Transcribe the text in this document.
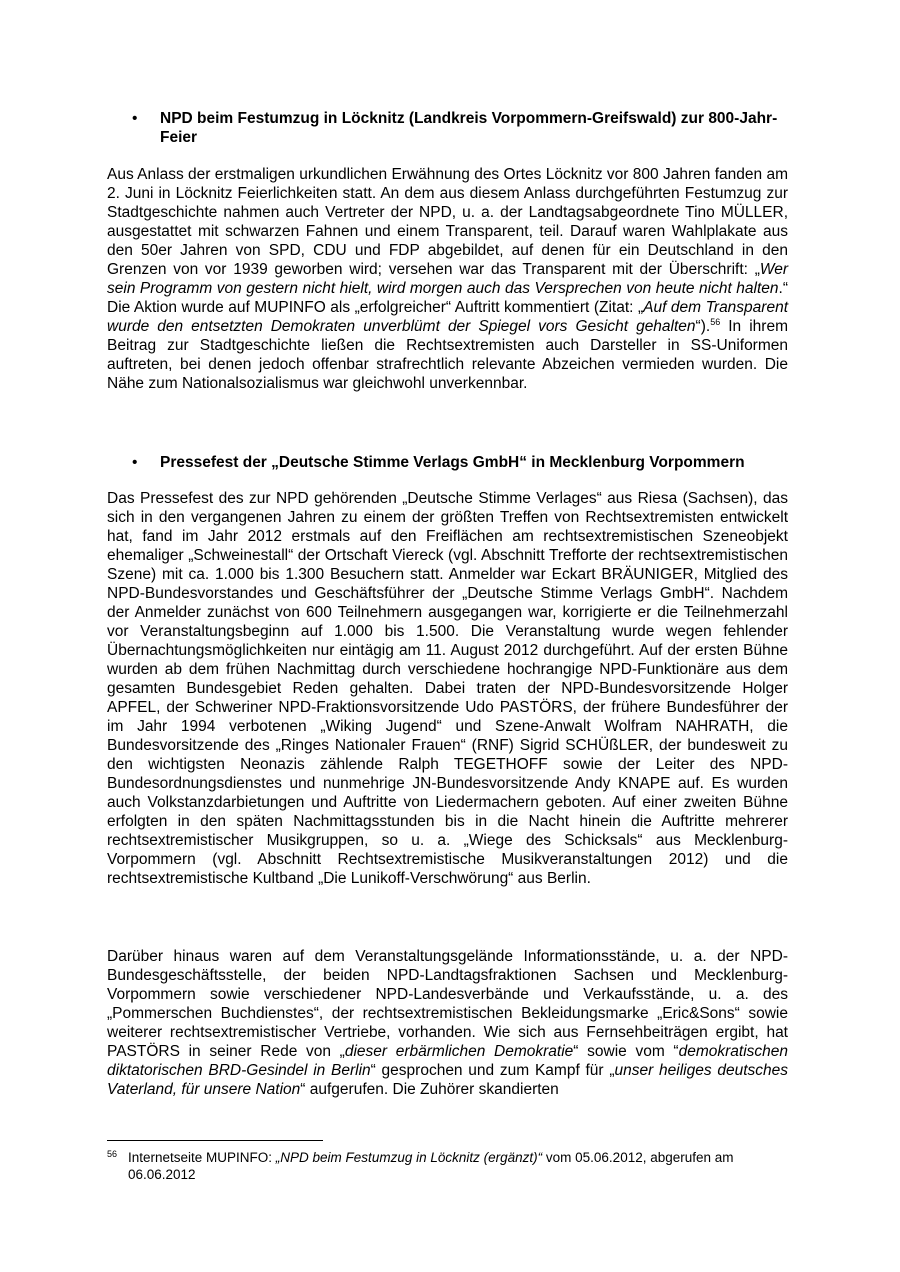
• NPD beim Festumzug in Löcknitz (Landkreis Vorpommern-Greifswald) zur 800-Jahr-Feier

Aus Anlass der erstmaligen urkundlichen Erwähnung des Ortes Löcknitz vor 800 Jahren fanden am 2. Juni in Löcknitz Feierlichkeiten statt. An dem aus diesem Anlass durchgeführten Festumzug zur Stadtgeschichte nahmen auch Vertreter der NPD, u. a. der Landtagsabgeordnete Tino MÜLLER, ausgestattet mit schwarzen Fahnen und einem Transparent, teil. Darauf waren Wahlplakate aus den 50er Jahren von SPD, CDU und FDP abgebildet, auf denen für ein Deutschland in den Grenzen von vor 1939 geworben wird; versehen war das Transparent mit der Überschrift: „Wer sein Programm von gestern nicht hielt, wird morgen auch das Versprechen von heute nicht halten.“ Die Aktion wurde auf MUPINFO als „erfolgreicher“ Auftritt kommentiert (Zitat: „Auf dem Transparent wurde den entsetzten Demokraten unverblümt der Spiegel vors Gesicht gehalten“).$^{56}$ In ihrem Beitrag zur Stadtgeschichte ließen die Rechtsextremisten auch Darsteller in SS-Uniformen auftreten, bei denen jedoch offenbar strafrechtlich relevante Abzeichen vermieden wurden. Die Nähe zum Nationalsozialismus war gleichwohl unverkennbar.

• Pressefest der „Deutsche Stimme Verlags GmbH“ in Mecklenburg Vorpommern

Das Pressefest des zur NPD gehörenden „Deutsche Stimme Verlages“ aus Riesa (Sachsen), das sich in den vergangenen Jahren zu einem der größten Treffen von Rechtsextremisten entwickelt hat, fand im Jahr 2012 erstmals auf den Freiflächen am rechtsextremistischen Szeneobjekt ehemaliger „Schweinestall“ der Ortschaft Viereck (vgl. Abschnitt Trefforte der rechtsextremistischen Szene) mit ca. 1.000 bis 1.300 Besuchern statt. Anmelder war Eckart BRÄUNIGER, Mitglied des NPD-Bundesvorstandes und Geschäftsführer der „Deutsche Stimme Verlags GmbH“. Nachdem der Anmelder zunächst von 600 Teilnehmern ausgegangen war, korrigierte er die Teilnehmerzahl vor Veranstaltungsbeginn auf 1.000 bis 1.500. Die Veranstaltung wurde wegen fehlender Übernachtungsmöglichkeiten nur eintägig am 11. August 2012 durchgeführt. Auf der ersten Bühne wurden ab dem frühen Nachmittag durch verschiedene hochrangige NPD-Funktionäre aus dem gesamten Bundesgebiet Reden gehalten. Dabei traten der NPD-Bundesvorsitzende Holger APFEL, der Schweriner NPD-Fraktionsvorsitzende Udo PASTÖRS, der frühere Bundesführer der im Jahr 1994 verbotenen „Wiking Jugend“ und Szene-Anwalt Wolfram NAHRATH, die Bundesvorsitzende des „Ringes Nationaler Frauen“ (RNF) Sigrid SCHÜßLER, der bundesweit zu den wichtigsten Neonazis zählende Ralph TEGETHOFF sowie der Leiter des NPD-Bundesordnungsdienstes und nunmehrige JN-Bundesvorsitzende Andy KNAPE auf. Es wurden auch Volkstanzdarbietungen und Auftritte von Liedermachern geboten. Auf einer zweiten Bühne erfolgten in den späten Nachmittagsstunden bis in die Nacht hinein die Auftritte mehrerer rechtsextremistischer Musikgruppen, so u. a. „Wiege des Schicksals“ aus Mecklenburg-Vorpommern (vgl. Abschnitt Rechtsextremistische Musikveranstaltungen 2012) und die rechtsextremistische Kultband „Die Lunikoff-Verschwörung“ aus Berlin.

Darüber hinaus waren auf dem Veranstaltungsgelände Informationsstände, u. a. der NPD-Bundesgeschäftsstelle, der beiden NPD-Landtagsfraktionen Sachsen und Mecklenburg-Vorpommern sowie verschiedener NPD-Landesverbände und Verkaufsstände, u. a. des „Pommerschen Buchdienstes“, der rechtsextremistischen Bekleidungsmarke „Eric&Sons“ sowie weiterer rechtsextremistischer Vertriebe, vorhanden. Wie sich aus Fernsehbeiträgen ergibt, hat PASTÖRS in seiner Rede von „dieser erbärmlichen Demokratie“ sowie vom “demokratischen diktatorischen BRD-Gesindel in Berlin“ gesprochen und zum Kampf für „unser heiliges deutsches Vaterland, für unsere Nation“ aufgerufen. Die Zuhörer skandierten

56 Internetseite MUPINFO: „NPD beim Festumzug in Löcknitz (ergänzt)“ vom 05.06.2012, abgerufen am 06.06.2012
